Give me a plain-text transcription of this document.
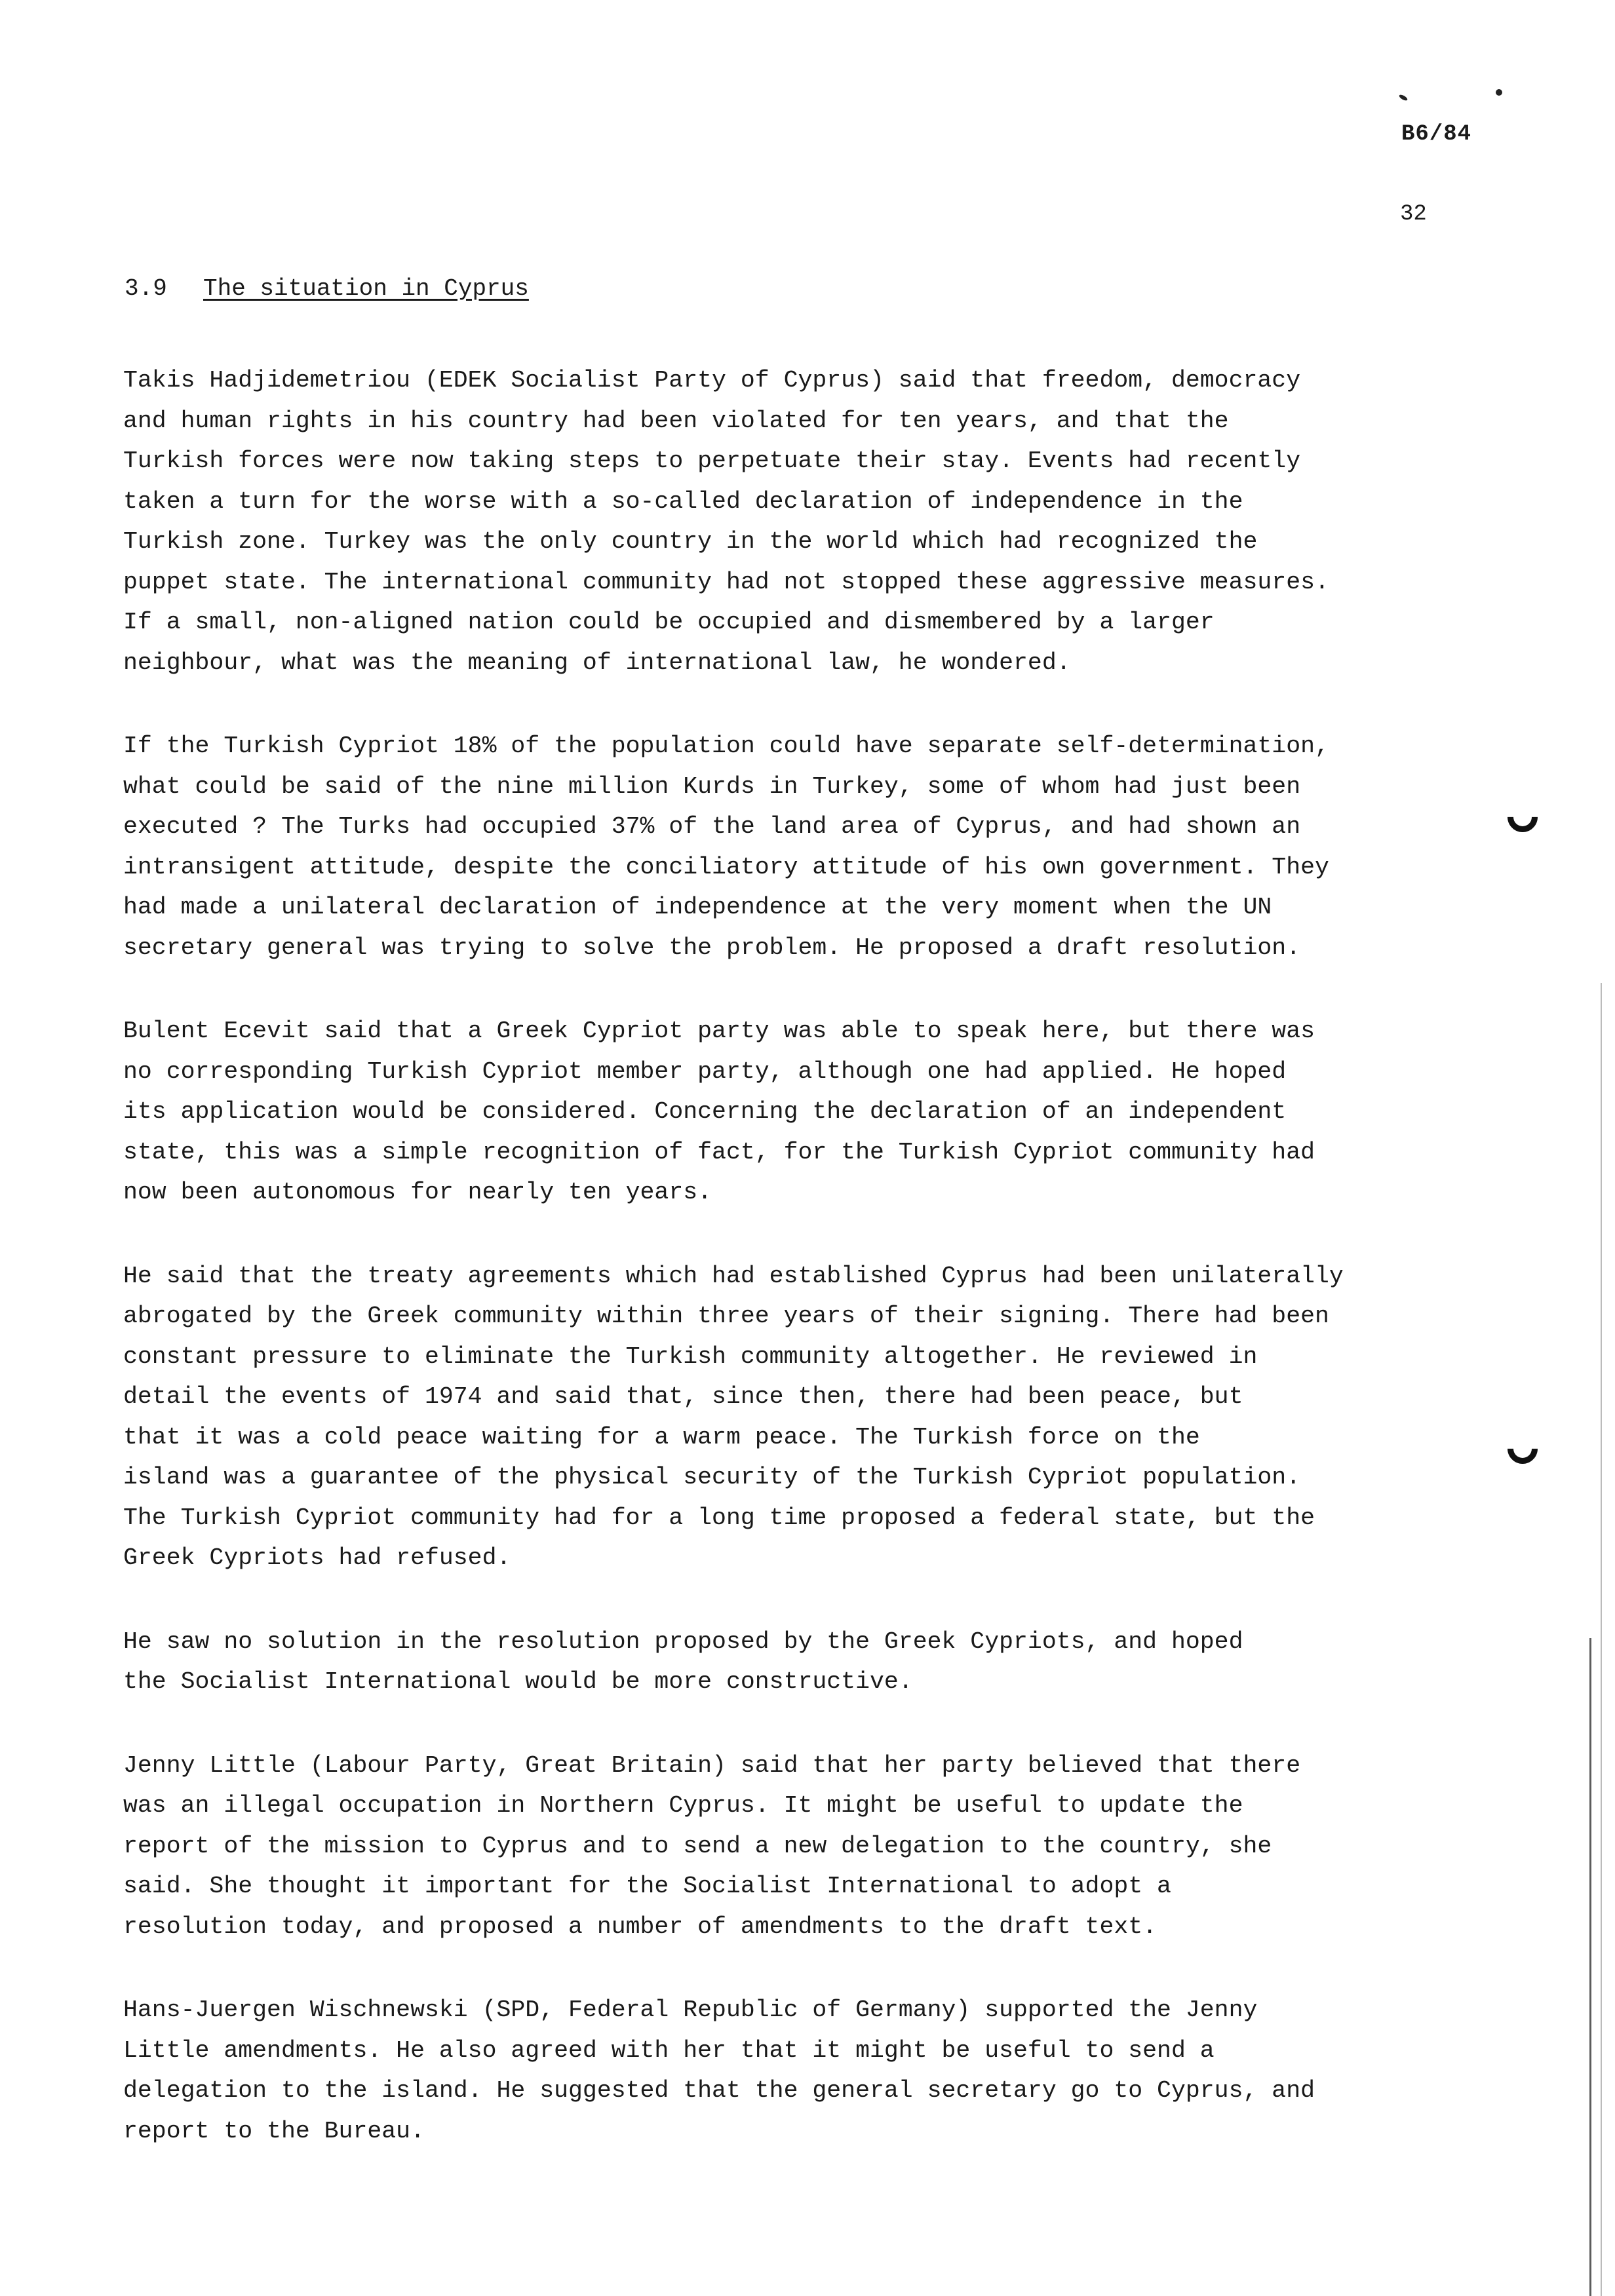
B6/84
32
3.9 The situation in Cyprus

Takis Hadjidemetriou (EDEK Socialist Party of Cyprus) said that freedom, democracy
and human rights in his country had been violated for ten years, and that the
Turkish forces were now taking steps to perpetuate their stay. Events had recently
taken a turn for the worse with a so-called declaration of independence in the
Turkish zone. Turkey was the only country in the world which had recognized the
puppet state. The international community had not stopped these aggressive measures.
If a small, non-aligned nation could be occupied and dismembered by a larger
neighbour, what was the meaning of international law, he wondered.

If the Turkish Cypriot 18% of the population could have separate self-determination,
what could be said of the nine million Kurds in Turkey, some of whom had just been
executed ? The Turks had occupied 37% of the land area of Cyprus, and had shown an
intransigent attitude, despite the conciliatory attitude of his own government. They
had made a unilateral declaration of independence at the very moment when the UN
secretary general was trying to solve the problem. He proposed a draft resolution.

Bulent Ecevit said that a Greek Cypriot party was able to speak here, but there was
no corresponding Turkish Cypriot member party, although one had applied. He hoped
its application would be considered. Concerning the declaration of an independent
state, this was a simple recognition of fact, for the Turkish Cypriot community had
now been autonomous for nearly ten years.

He said that the treaty agreements which had established Cyprus had been unilaterally
abrogated by the Greek community within three years of their signing. There had been
constant pressure to eliminate the Turkish community altogether. He reviewed in
detail the events of 1974 and said that, since then, there had been peace, but
that it was a cold peace waiting for a warm peace. The Turkish force on the
island was a guarantee of the physical security of the Turkish Cypriot population.
The Turkish Cypriot community had for a long time proposed a federal state, but the
Greek Cypriots had refused.

He saw no solution in the resolution proposed by the Greek Cypriots, and hoped
the Socialist International would be more constructive.

Jenny Little (Labour Party, Great Britain) said that her party believed that there
was an illegal occupation in Northern Cyprus. It might be useful to update the
report of the mission to Cyprus and to send a new delegation to the country, she
said. She thought it important for the Socialist International to adopt a
resolution today, and proposed a number of amendments to the draft text.

Hans-Juergen Wischnewski (SPD, Federal Republic of Germany) supported the Jenny
Little amendments. He also agreed with her that it might be useful to send a
delegation to the island. He suggested that the general secretary go to Cyprus, and
report to the Bureau.
